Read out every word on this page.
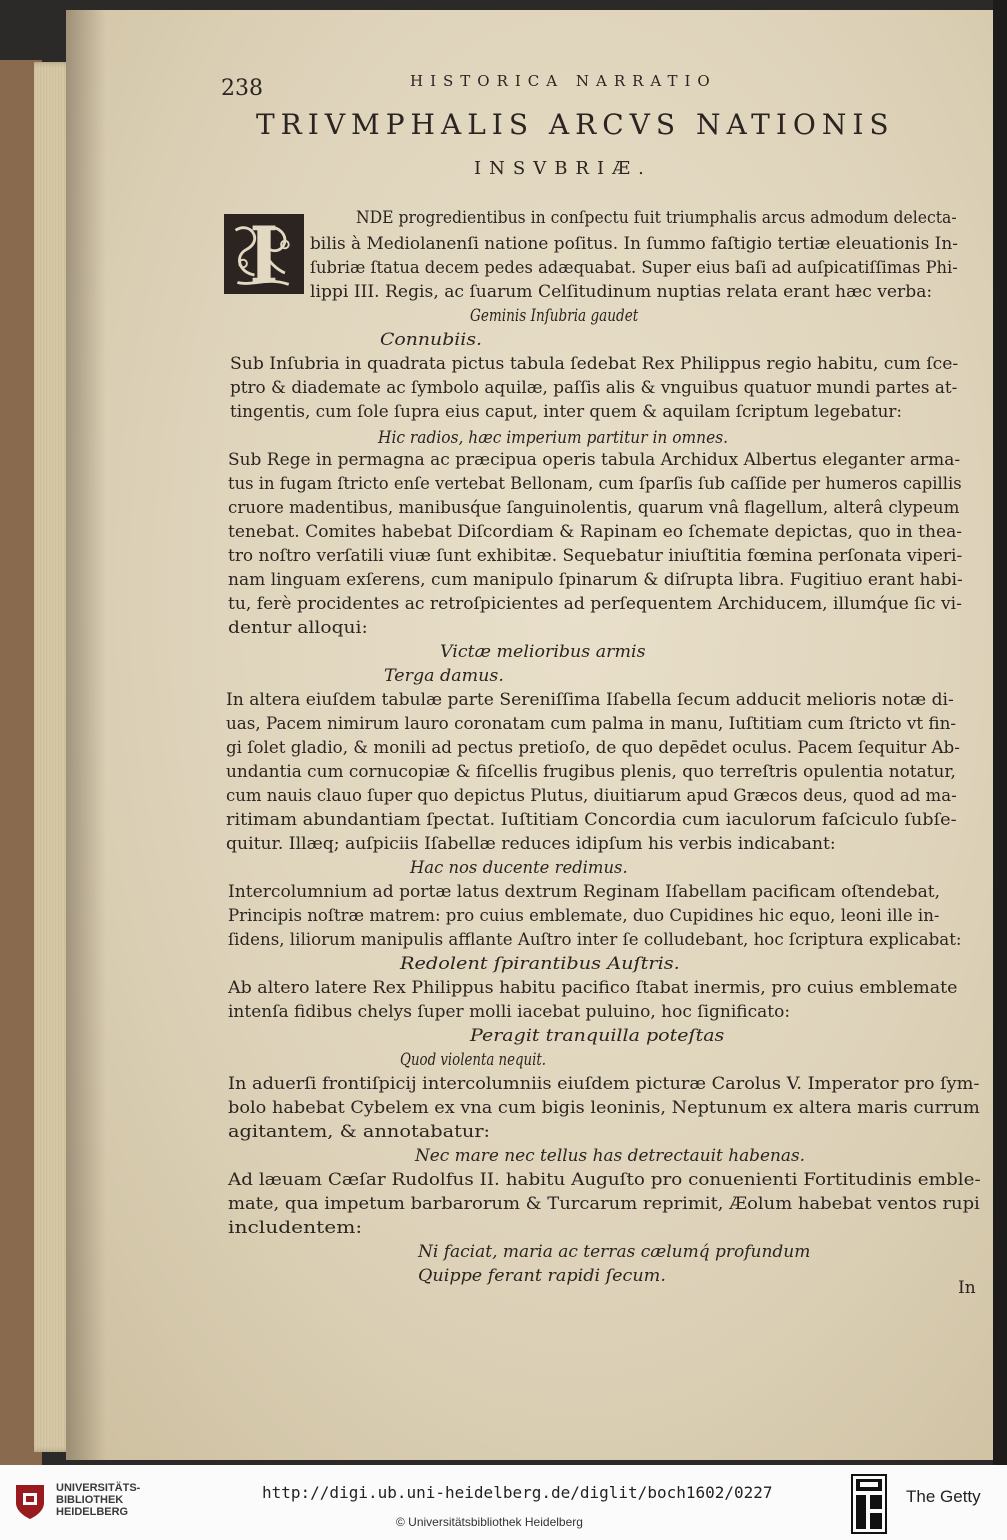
238	HISTORICA NARRATIO
TRIVMPHALIS ARCVS NATIONIS
INSVBRIÆ.
In
NDE progredientibus in conſpectu fuit triumphalis arcus admodum delecta-
bilis à Mediolanenſi natione poſitus. In ſummo faſtigio tertiæ eleuationis In-
ſubriæ ſtatua decem pedes adæquabat. Super eius baſi ad auſpicatiſſimas Phi-
lippi III. Regis, ac ſuarum Celſitudinum nuptias relata erant hæc verba:
Geminis Inſubria gaudet
Connubiis.
Sub Inſubria in quadrata pictus tabula ſedebat Rex Philippus regio habitu, cum ſce-
ptro & diademate ac ſymbolo aquilæ, paſſis alis & vnguibus quatuor mundi partes at-
tingentis, cum ſole ſupra eius caput, inter quem & aquilam ſcriptum legebatur:
Hic radios, hæc imperium partitur in omnes.
Sub Rege in permagna ac præcipua operis tabula Archidux Albertus eleganter arma-
tus in fugam ſtricto enſe vertebat Bellonam, cum ſparſis ſub caſſide per humeros capillis
cruore madentibus, manibusq́ue ſanguinolentis, quarum vnâ flagellum, alterâ clypeum
tenebat. Comites habebat Diſcordiam & Rapinam eo ſchemate depictas, quo in thea-
tro noſtro verſatili viuæ ſunt exhibitæ. Sequebatur iniuſtitia fœmina perſonata viperi-
nam linguam exſerens, cum manipulo ſpinarum & diſrupta libra. Fugitiuo erant habi-
tu, ferè procidentes ac retroſpicientes ad perſequentem Archiducem, illumq́ue ſic vi-
dentur alloqui:
Victæ melioribus armis
Terga damus.
In altera eiuſdem tabulæ parte Sereniſſima Iſabella ſecum adducit melioris notæ di-
uas, Pacem nimirum lauro coronatam cum palma in manu, Iuſtitiam cum ſtricto vt fin-
gi ſolet gladio, & monili ad pectus pretioſo, de quo depēdet oculus. Pacem ſequitur Ab-
undantia cum cornucopiæ & fiſcellis frugibus plenis, quo terreſtris opulentia notatur,
cum nauis clauo ſuper quo depictus Plutus, diuitiarum apud Græcos deus, quod ad ma-
ritimam abundantiam ſpectat. Iuſtitiam Concordia cum iaculorum faſciculo ſubſe-
quitur. Illæq; auſpiciis Iſabellæ reduces idipſum his verbis indicabant:
Hac nos ducente redimus.
Intercolumnium ad portæ latus dextrum Reginam Iſabellam pacificam oſtendebat,
Principis noſtræ matrem: pro cuius emblemate, duo Cupidines hic equo, leoni ille in-
ſidens, liliorum manipulis afflante Auſtro inter ſe colludebant, hoc ſcriptura explicabat:
Redolent ſpirantibus Auſtris.
Ab altero latere Rex Philippus habitu pacifico ſtabat inermis, pro cuius emblemate
intenſa fidibus chelys ſuper molli iacebat puluino, hoc ſignificato:
Peragit tranquilla poteſtas
Quod violenta nequit.
In aduerſi frontiſpicij intercolumniis eiuſdem picturæ Carolus V. Imperator pro ſym-
bolo habebat Cybelem ex vna cum bigis leoninis, Neptunum ex altera maris currum
agitantem, & annotabatur:
Nec mare nec tellus has detrectauit habenas.
Ad læuam Cæſar Rudolfus II. habitu Auguſto pro conuenienti Fortitudinis emble-
mate, qua impetum barbarorum & Turcarum reprimit, Æolum habebat ventos rupi
includentem:
Ni faciat, maria ac terras cælumq́ profundum
Quippe ferant rapidi ſecum.
UNIVERSITÄTS-
BIBLIOTHEK
HEIDELBERG
http://digi.ub.uni-heidelberg.de/diglit/boch1602/0227
© Universitätsbibliothek Heidelberg
The Getty
